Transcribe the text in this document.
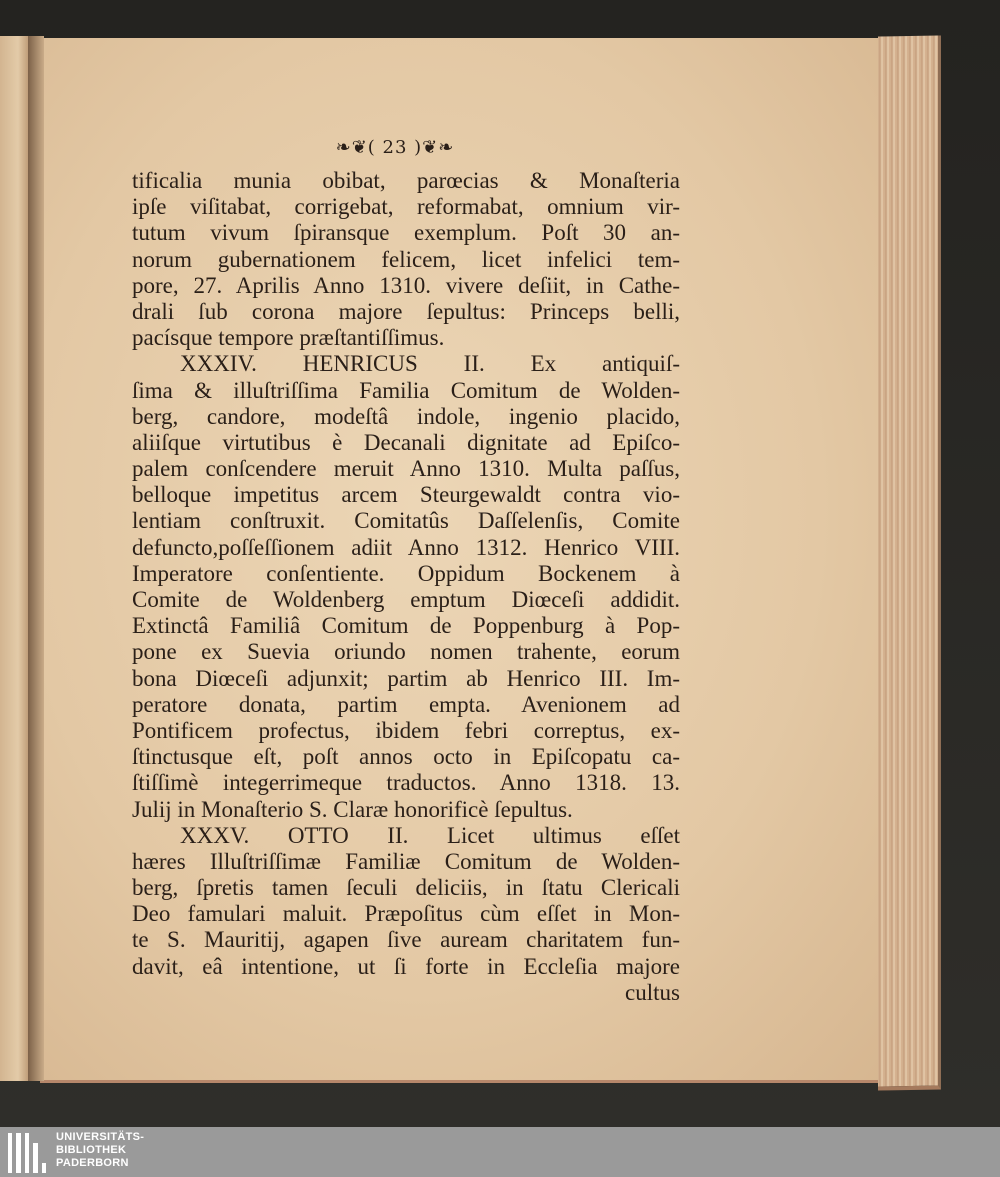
❧❦( 23 )❦❧
tificalia munia obibat, parœcias & Monaſteria
ipſe viſitabat, corrigebat, reformabat, omnium vir-
tutum vivum ſpiransque exemplum. Poſt 30 an-
norum gubernationem felicem, licet infelici tem-
pore, 27. Aprilis Anno 1310. vivere deſiit, in Cathe-
drali ſub corona majore ſepultus: Princeps belli,
pacísque tempore præſtantiſſimus.
XXXIV. HENRICUS II. Ex antiquiſ-
ſima & illuſtriſſima Familia Comitum de Wolden-
berg, candore, modeſtâ indole, ingenio placido,
aliiſque virtutibus è Decanali dignitate ad Epiſco-
palem conſcendere meruit Anno 1310. Multa paſſus,
belloque impetitus arcem Steurgewaldt contra vio-
lentiam conſtruxit. Comitatûs Daſſelenſis, Comite
defuncto,poſſeſſionem adiit Anno 1312. Henrico VIII.
Imperatore conſentiente. Oppidum Bockenem à
Comite de Woldenberg emptum Diœceſi addidit.
Extinctâ Familiâ Comitum de Poppenburg à Pop-
pone ex Suevia oriundo nomen trahente, eorum
bona Diœceſi adjunxit; partim ab Henrico III. Im-
peratore donata, partim empta. Avenionem ad
Pontificem profectus, ibidem febri correptus, ex-
ſtinctusque eſt, poſt annos octo in Epiſcopatu ca-
ſtiſſimè integerrimeque traductos. Anno 1318. 13.
Julij in Monaſterio S. Claræ honorificè ſepultus.
XXXV. OTTO II. Licet ultimus eſſet
hæres Illuſtriſſimæ Familiæ Comitum de Wolden-
berg, ſpretis tamen ſeculi deliciis, in ſtatu Clericali
Deo famulari maluit. Præpoſitus cùm eſſet in Mon-
te S. Mauritij, agapen ſive auream charitatem fun-
davit, eâ intentione, ut ſi forte in Eccleſia majore
cultus
UNIVERSITÄTS-
BIBLIOTHEK
PADERBORN
